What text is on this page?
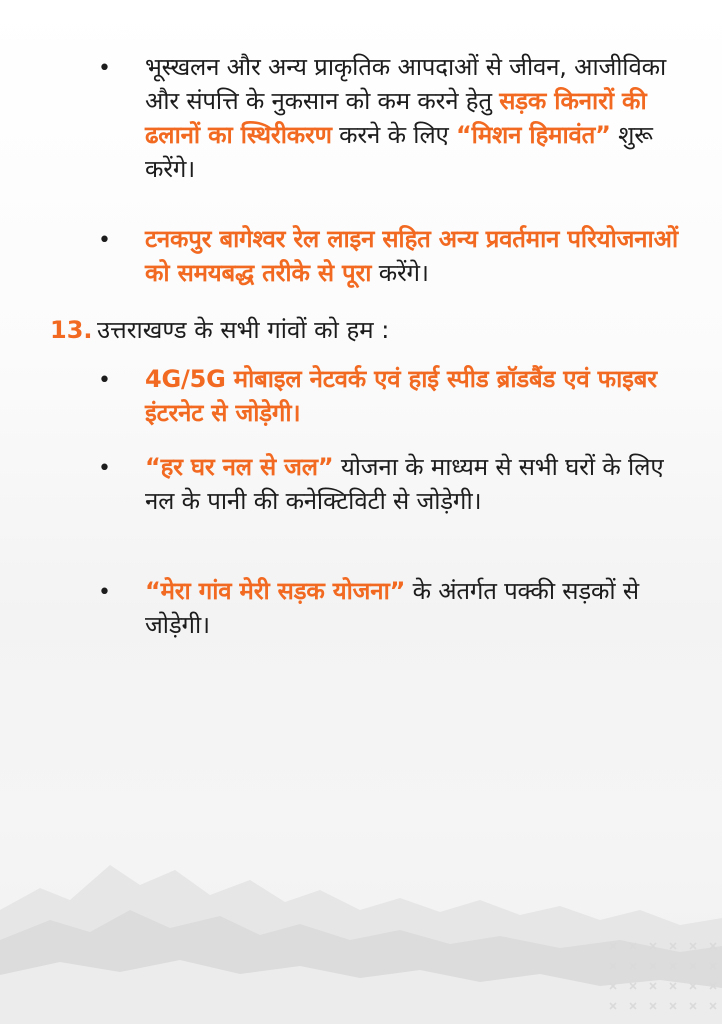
• भूस्खलन और अन्य प्राकृतिक आपदाओं से जीवन, आजीविका और संपत्ति के नुकसान को कम करने हेतु सड़क किनारों की ढलानों का स्थिरीकरण करने के लिए “मिशन हिमावंत” शुरू करेंगे।
• टनकपुर बागेश्वर रेल लाइन सहित अन्य प्रवर्तमान परियोजनाओं को समयबद्ध तरीके से पूरा करेंगे।
13. उत्तराखण्ड के सभी गांवों को हम :
• 4G/5G मोबाइल नेटवर्क एवं हाई स्पीड ब्रॉडबैंड एवं फाइबर इंटरनेट से जोड़ेगी।
• “हर घर नल से जल” योजना के माध्यम से सभी घरों के लिए नल के पानी की कनेक्टिविटी से जोड़ेगी।
• “मेरा गांव मेरी सड़क योजना” के अंतर्गत पक्की सड़कों से जोड़ेगी।
